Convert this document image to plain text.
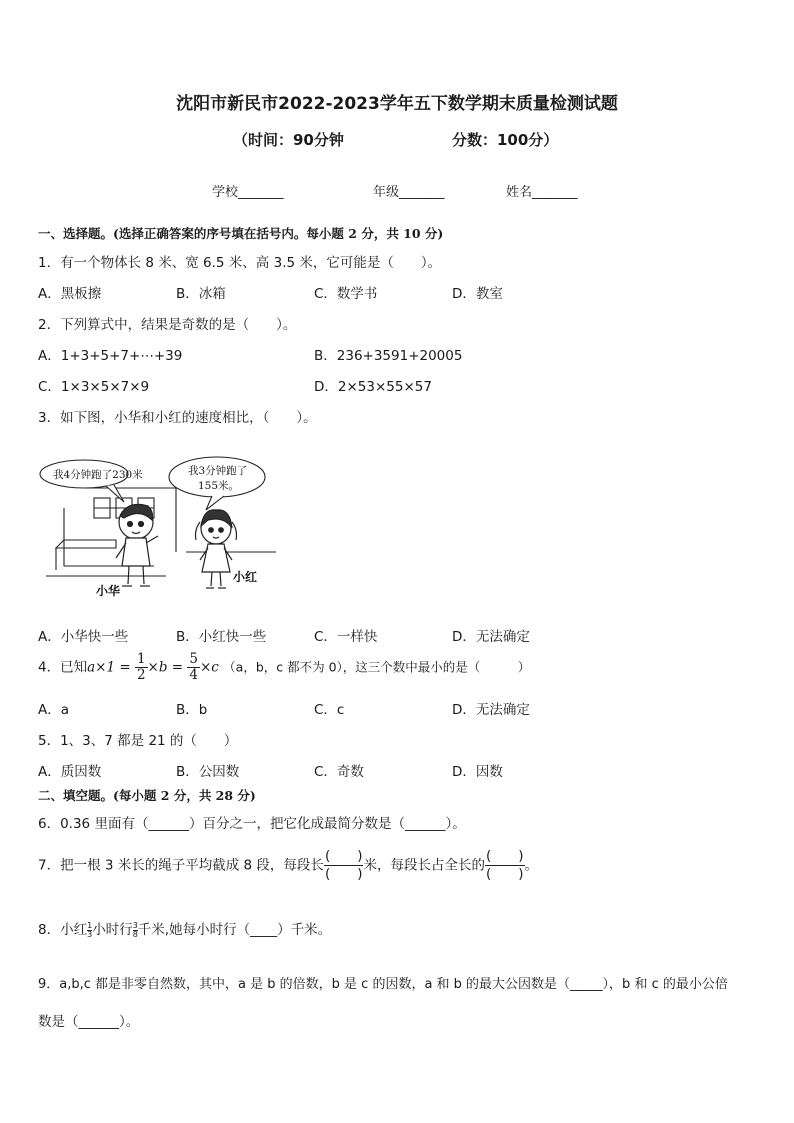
沈阳市新民市2022-2023学年五下数学期末质量检测试题
（时间：90分钟	分数：100分）
学校_______	年级_______	姓名_______
一、选择题。(选择正确答案的序号填在括号内。每小题 2 分，共 10 分)
1．有一个物体长 8 米、宽 6.5 米、高 3.5 米，它可能是（　　）。
A．黑板擦	B．冰箱	C．数学书	D．教室
2．下列算式中，结果是奇数的是（　　）。
A．1+3+5+7+⋯+39	B．236+3591+20005
C．1×3×5×7×9	D．2×53×55×57
3．如下图，小华和小红的速度相比，（　　）。
我4分钟跑了230米	我3分钟跑了
155米。
小华
小红
A．小华快一些	B．小红快一些	C．一样快	D．无法确定
4．已知$a\times 1 = \frac{1}{2} \times b = \frac{5}{4} \times c$ （a，b，c 都不为 0），这三个数中最小的是（　　　）
A．a	B．b	C．c	D．无法确定
5．1、3、7 都是 21 的（　　）
A．质因数	B．公因数	C．奇数	D．因数
二、填空题。(每小题 2 分，共 28 分)
6．0.36 里面有（______）百分之一，把它化成最简分数是（______）。
7．把一根 3 米长的绳子平均截成 8 段，每段长
(　　)
(　　)
米，每段长占全长的
(　　)
(　　)
。
8．小红 $\frac{1}{3}$小时行 $\frac{3}{8}$千米,她每小时行（____）千米。
9．a,b,c 都是非零自然数，其中，a 是 b 的倍数，b 是 c 的因数，a 和 b 的最大公因数是（_____），b 和 c 的最小公倍
数是（______）。
